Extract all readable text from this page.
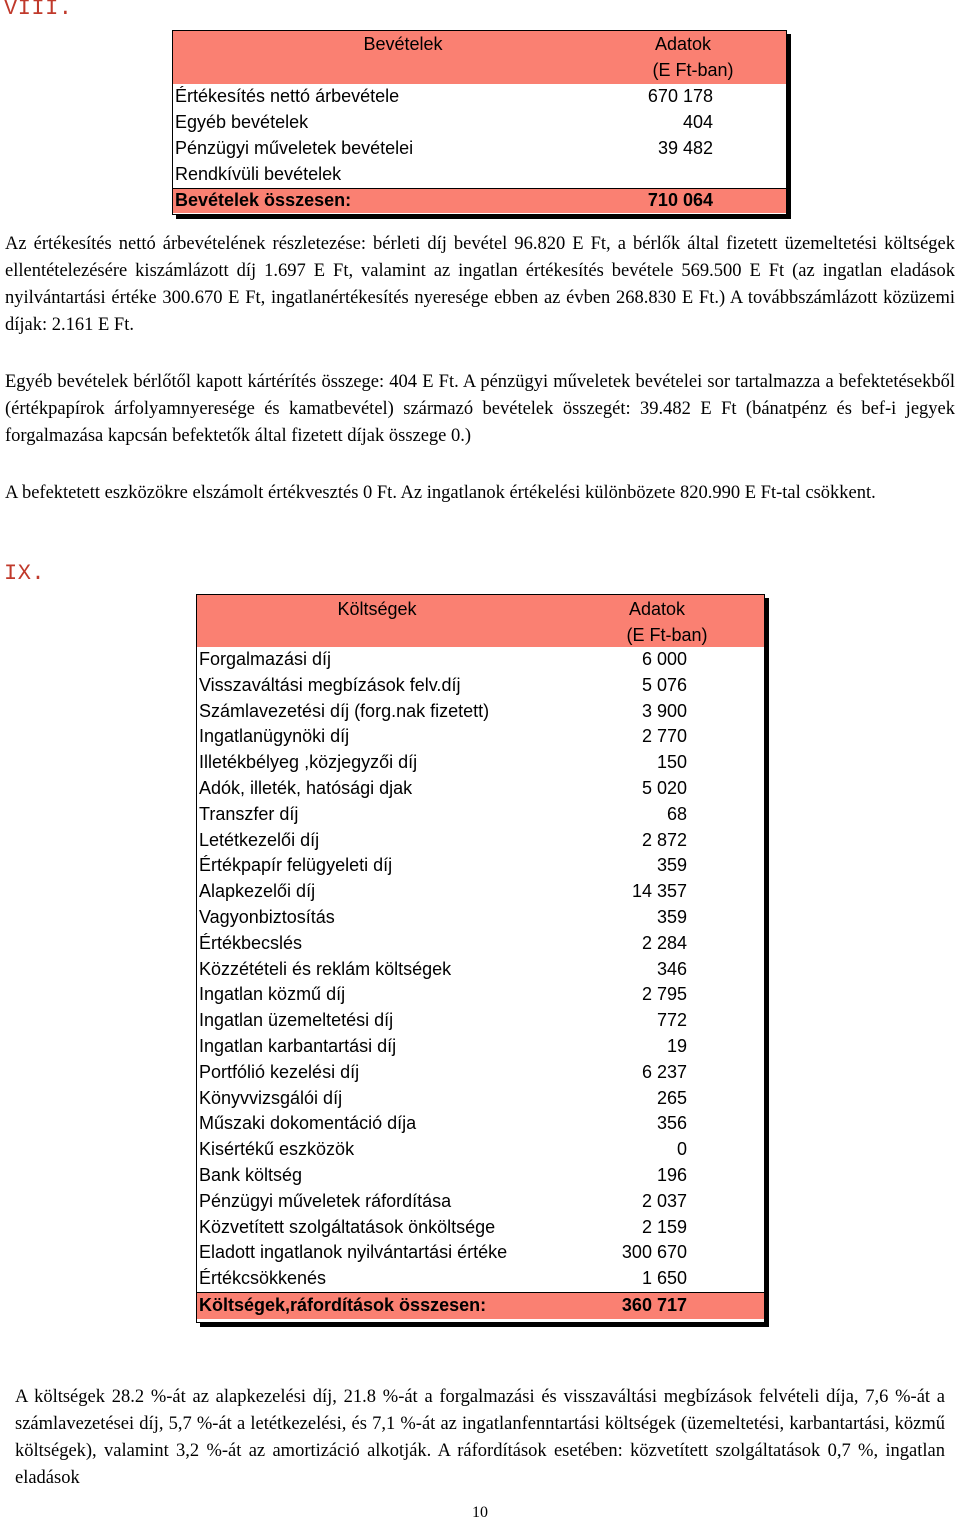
VIII.
Bevételek	Adatok
(E Ft-ban)
Értékesítés nettó árbevétele	670 178
Egyéb bevételek	404
Pénzügyi műveletek bevételei	39 482
Rendkívüli bevételek
Bevételek összesen:	710 064
Az értékesítés nettó árbevételének részletezése: bérleti díj bevétel 96.820 E Ft, a bérlők által fizetett üzemeltetési költségek ellentételezésére kiszámlázott díj 1.697 E Ft, valamint az ingatlan értékesítés bevétele 569.500 E Ft (az ingatlan eladások nyilvántartási értéke 300.670 E Ft, ingatlanértékesítés nyeresége ebben az évben 268.830 E Ft.) A továbbszámlázott közüzemi díjak: 2.161 E Ft.
Egyéb bevételek bérlőtől kapott kártérítés összege: 404 E Ft. A pénzügyi műveletek bevételei sor tartalmazza a befektetésekből (értékpapírok árfolyamnyeresége és kamatbevétel) származó bevételek összegét: 39.482 E Ft (bánatpénz és bef-i jegyek forgalmazása kapcsán befektetők által fizetett díjak összege 0.)
A befektetett eszközökre elszámolt értékvesztés 0 Ft. Az ingatlanok értékelési különbözete 820.990 E Ft-tal csökkent.
IX.
Költségek	Adatok
(E Ft-ban)
Forgalmazási díj	6 000
Visszaváltási megbízások felv.díj	5 076
Számlavezetési díj (forg.nak fizetett)	3 900
Ingatlanügynöki díj	2 770
Illetékbélyeg ,közjegyzői díj	150
Adók, illeték, hatósági djak	5 020
Transzfer díj	68
Letétkezelői díj	2 872
Értékpapír felügyeleti díj	359
Alapkezelői díj	14 357
Vagyonbiztosítás	359
Értékbecslés	2 284
Közzétételi és reklám költségek	346
Ingatlan közmű díj	2 795
Ingatlan üzemeltetési díj	772
Ingatlan karbantartási díj	19
Portfólió kezelési díj	6 237
Könyvvizsgálói díj	265
Műszaki dokomentáció díja	356
Kisértékű eszközök	0
Bank költség	196
Pénzügyi műveletek ráfordítása	2 037
Közvetített szolgáltatások önköltsége	2 159
Eladott ingatlanok nyilvántartási értéke	300 670
Értékcsökkenés	1 650
Költségek,ráfordítások összesen:	360 717
A költségek 28.2 %-át az alapkezelési díj, 21.8 %-át a forgalmazási és visszaváltási megbízások felvételi díja, 7,6 %-át a számlavezetései díj, 5,7 %-át a letétkezelési, és 7,1 %-át az ingatlanfenntartási költségek (üzemeltetési, karbantartási, közmű költségek), valamint 3,2 %-át az amortizáció alkotják. A ráfordítások esetében: közvetített szolgáltatások 0,7 %, ingatlan eladások
10
